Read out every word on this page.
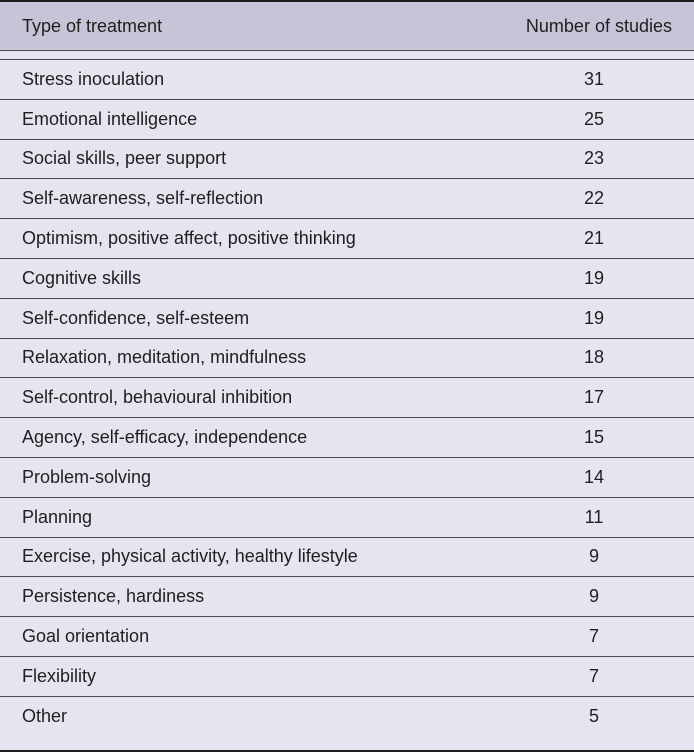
Type of treatment	Number of studies
Stress inoculation	31
Emotional intelligence	25
Social skills, peer support	23
Self-awareness, self-reflection	22
Optimism, positive affect, positive thinking	21
Cognitive skills	19
Self-confidence, self-esteem	19
Relaxation, meditation, mindfulness	18
Self-control, behavioural inhibition	17
Agency, self-efficacy, independence	15
Problem-solving	14
Planning	11
Exercise, physical activity, healthy lifestyle	9
Persistence, hardiness	9
Goal orientation	7
Flexibility	7
Other	5
